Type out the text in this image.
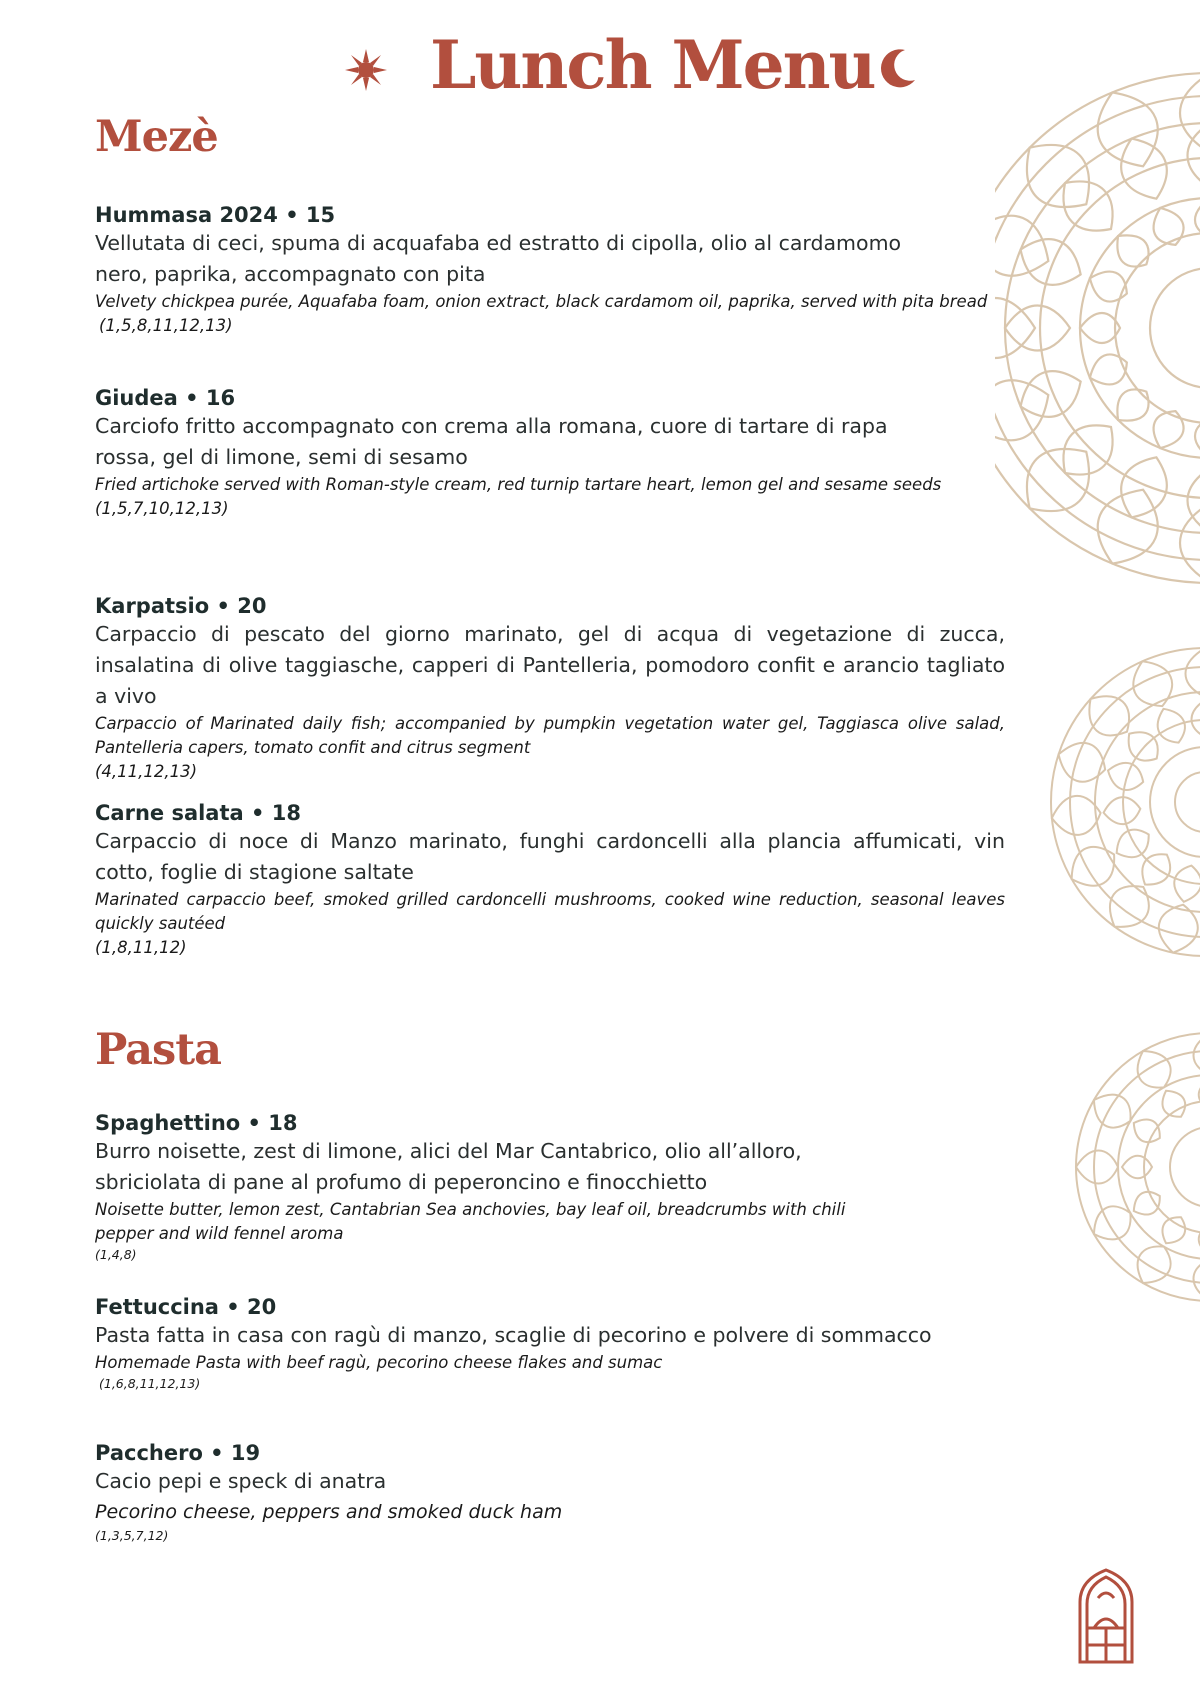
Lunch Menu
Mezè
Hummasa 2024 • 15
Vellutata di ceci, spuma di acquafaba ed estratto di cipolla, olio al cardamomo nero, paprika, accompagnato con pita
Velvety chickpea purée, Aquafaba foam, onion extract, black cardamom oil, paprika, served with pita bread
(1,5,8,11,12,13)
Giudea • 16
Carciofo fritto accompagnato con crema alla romana, cuore di tartare di rapa rossa, gel di limone, semi di sesamo
Fried artichoke served with Roman-style cream, red turnip tartare heart, lemon gel and sesame seeds
(1,5,7,10,12,13)
Karpatsio • 20
Carpaccio di pescato del giorno marinato, gel di acqua di vegetazione di zucca, insalatina di olive taggiasche, capperi di Pantelleria, pomodoro confit e arancio tagliato a vivo
Carpaccio of Marinated daily fish; accompanied by pumpkin vegetation water gel, Taggiasca olive salad, Pantelleria capers, tomato confit and citrus segment
(4,11,12,13)
Carne salata • 18
Carpaccio di noce di Manzo marinato, funghi cardoncelli alla plancia affumicati, vin cotto, foglie di stagione saltate
Marinated carpaccio beef, smoked grilled cardoncelli mushrooms, cooked wine reduction, seasonal leaves quickly sautéed
(1,8,11,12)
Pasta
Spaghettino • 18
Burro noisette, zest di limone, alici del Mar Cantabrico, olio all’alloro, sbriciolata di pane al profumo di peperoncino e finocchietto
Noisette butter, lemon zest, Cantabrian Sea anchovies, bay leaf oil, breadcrumbs with chili pepper and wild fennel aroma
(1,4,8)
Fettuccina • 20
Pasta fatta in casa con ragù di manzo, scaglie di pecorino e polvere di sommacco
Homemade Pasta with beef ragù, pecorino cheese flakes and sumac
(1,6,8,11,12,13)
Pacchero • 19
Cacio pepi e speck di anatra
Pecorino cheese, peppers and smoked duck ham
(1,3,5,7,12)
